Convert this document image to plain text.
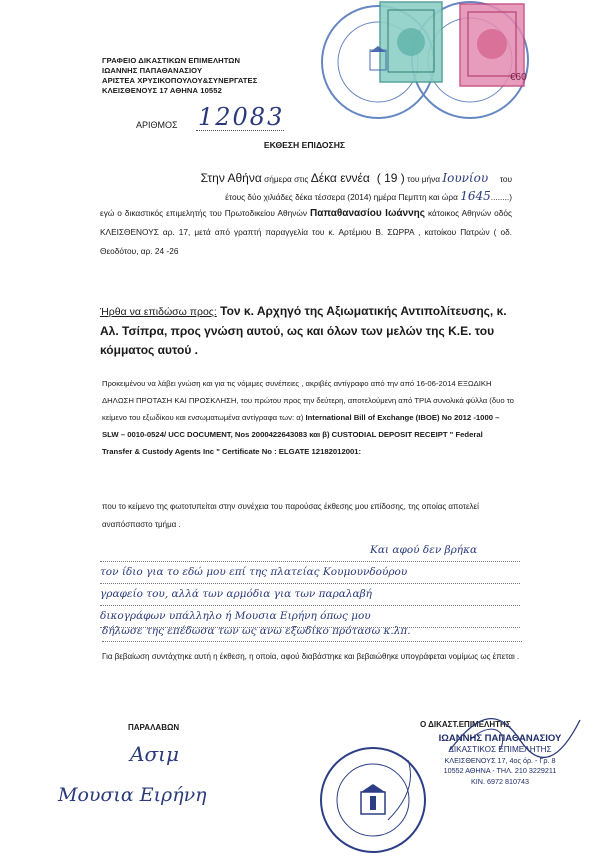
€60
ΓΡΑΦΕΙΟ ΔΙΚΑΣΤΙΚΩΝ ΕΠΙΜΕΛΗΤΩΝ
ΙΩΑΝΝΗΣ ΠΑΠΑΘΑΝΑΣΙΟΥ
ΑΡΙΣΤΕΑ ΧΡΥΣΙΚΟΠΟΥΛΟΥ&ΣΥΝΕΡΓΑΤΕΣ
ΚΛΕΙΣΘΕΝΟΥΣ 17 ΑΘΗΝΑ 10552
ΑΡΙΘΜΟΣ 12083
ΕΚΘΕΣΗ ΕΠΙΔΟΣΗΣ
Στην Αθήνα σήμερα στις Δέκα εννέα ( 19 ) του μήνα Ιουνίου του
έτους δύο χιλιάδες δέκα τέσσερα (2014) ημέρα Πεμπτη και ώρα 1645........)
εγώ ο δικαστικός επιμελητής του Πρωτοδικείου Αθηνών Παπαθανασίου Ιωάννης κάτοικος Αθηνών οδός ΚΛΕΙΣΘΕΝΟΥΣ αρ. 17, μετά από γραπτή παραγγελία του κ. Αρτέμιου Β. ΣΩΡΡΑ , κατοίκου Πατρών ( οδ. Θεοδότου, αρ. 24 -26
Ήρθα να επιδώσω προς: Τον κ. Αρχηγό της Αξιωματικής Αντιπολίτευσης, κ. Αλ. Τσίπρα, προς γνώση αυτού, ως και όλων των μελών της Κ.Ε. του κόμματος αυτού .
Προκειμένου να λάβει γνώση και για τις νόμιμες συνέπειες , ακριβές αντίγραφο από την από 16-06-2014 ΕΞΩΔΙΚΗ ΔΗΛΩΣΗ ΠΡΟΤΑΣΗ ΚΑΙ ΠΡΟΣΚΛΗΣΗ, του πρώτου προς την δεύτερη, αποτελούμενη από ΤΡΙΑ συνολικά φύλλα (δυο το κείμενο του εξωδίκου και ενσωματωμένα αντίγραφα των: α) International Bill of Exchange (IBOE) No 2012 -1000 – SLW – 0010-0524/ UCC DOCUMENT, Nos 2000422643083 και β) CUSTODIAL DEPOSIT RECEIPT " Federal Transfer & Custody Agents Inc " Certificate No : ELGATE 12182012001:
που το κείμενο της φωτοτυπείται στην συνέχεια του παρούσας έκθεσης μου επίδοσης, της οποίας αποτελεί αναπόσπαστο τμήμα .
Και αφού δεν βρήκα
τον ίδιο για το εδώ μου επί της πλατείας Κουμουνδούρου
γραφείο του, αλλά των αρμόδια για των παραλαβή
δικογράφων υπάλληλο ή Μουσια Ειρήνη όπως μου
δήλωσε της επέδωσα των ως ανω εξωδίκο πρότασω κ.λπ.
Για βεβαίωση συντάχτηκε αυτή η έκθεση, η οποία, αφού διαβάστηκε και βεβαιώθηκε υπογράφεται νομίμως ως έπεται .
ΠΑΡΑΛΑΒΩΝ
Ασιμ
Μουσια Ειρήνη
Ο ΔΙΚΑΣΤ.ΕΠΙΜΕΛΗΤΗΣ
ΙΩΑΝΝΗΣ ΠΑΠΑΘΑΝΑΣΙΟΥ
ΔΙΚΑΣΤΙΚΟΣ ΕΠΙΜΕΛΗΤΗΣ
ΚΛΕΙΣΘΕΝΟΥΣ 17, 4ος όρ. - Γρ. 8
10552 ΑΘΗΝΑ - ΤΗΛ. 210 3229211
ΚΙΝ. 6972 810743
